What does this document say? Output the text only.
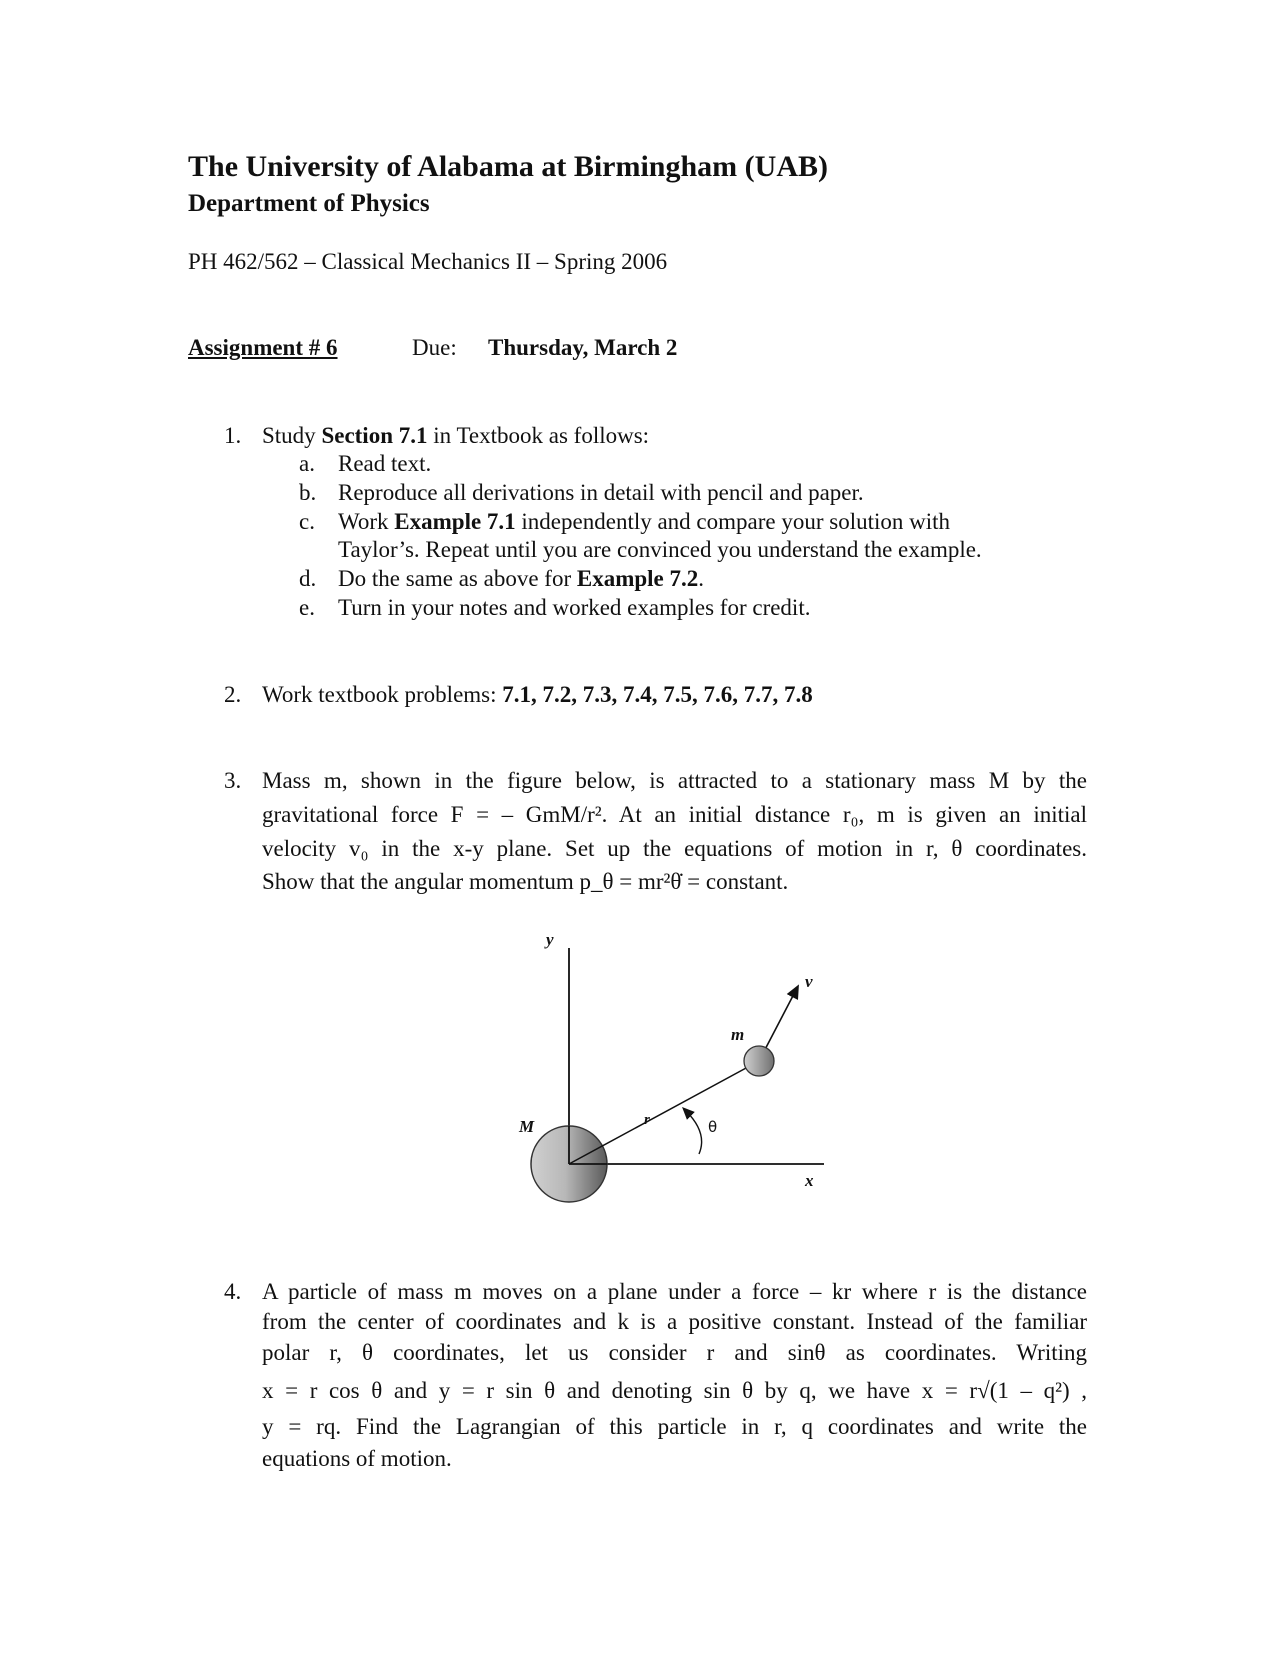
The University of Alabama at Birmingham (UAB)
Department of Physics
PH 462/562 – Classical Mechanics II – Spring 2006
Assignment # 6	Due: Thursday, March 2
1. Study Section 7.1 in Textbook as follows:
a. Read text.
b. Reproduce all derivations in detail with pencil and paper.
c. Work Example 7.1 independently and compare your solution with
Taylor’s. Repeat until you are convinced you understand the example.
d. Do the same as above for Example 7.2.
e. Turn in your notes and worked examples for credit.
2. Work textbook problems: 7.1, 7.2, 7.3, 7.4, 7.5, 7.6, 7.7, 7.8
3. Mass m, shown in the figure below, is attracted to a stationary mass M by the
gravitational force F = – GmM/r². At an initial distance r₀, m is given an initial
velocity v₀ in the x-y plane. Set up the equations of motion in r, θ coordinates.
Show that the angular momentum p_θ = mr²θ̇ = constant.
y
x
M
m
r
v
θ
4. A particle of mass m moves on a plane under a force – kr where r is the distance
from the center of coordinates and k is a positive constant. Instead of the familiar
polar r, θ coordinates, let us consider r and sinθ as coordinates. Writing
x = r cos θ and y = r sin θ and denoting sin θ by q, we have x = r√(1 – q²) ,
y = rq. Find the Lagrangian of this particle in r, q coordinates and write the
equations of motion.
